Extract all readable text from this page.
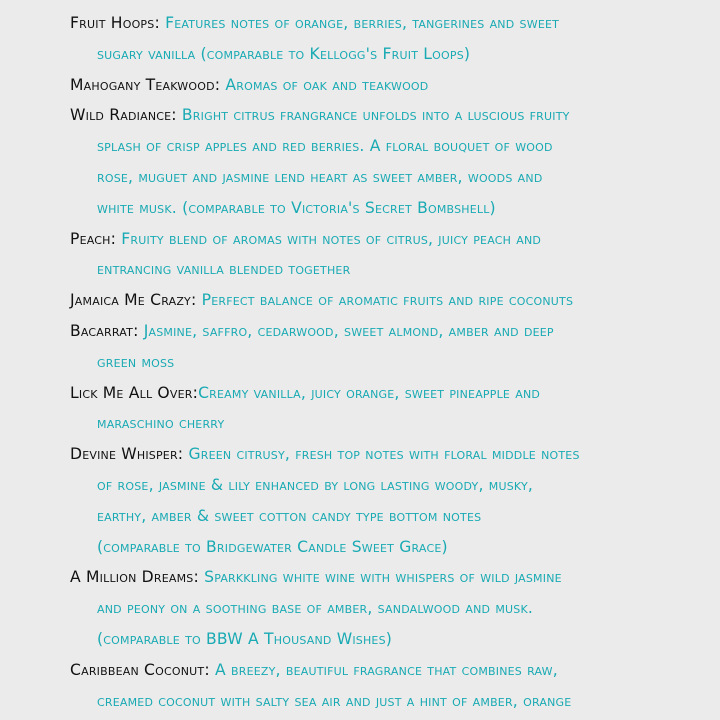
Fruit Hoops: Features notes of orange, berries, tangerines and sweet
sugary vanilla (comparable to Kellogg's Fruit Loops)
Mahogany Teakwood: Aromas of oak and teakwood
Wild Radiance: Bright citrus frangrance unfolds into a luscious fruity
splash of crisp apples and red berries. A floral bouquet of wood
rose, muguet and jasmine lend heart as sweet amber, woods and
white musk. (comparable to Victoria's Secret Bombshell)
Peach: Fruity blend of aromas with notes of citrus, juicy peach and
entrancing vanilla blended together
Jamaica Me Crazy: Perfect balance of aromatic fruits and ripe coconuts
Bacarrat: Jasmine, saffro, cedarwood, sweet almond, amber and deep
green moss
Lick Me All Over:Creamy vanilla, juicy orange, sweet pineapple and
maraschino cherry
Devine Whisper: Green citrusy, fresh top notes with floral middle notes
of rose, jasmine & lily enhanced by long lasting woody, musky,
earthy, amber & sweet cotton candy type bottom notes
(comparable to Bridgewater Candle Sweet Grace)
A Million Dreams: Sparkkling white wine with whispers of wild jasmine
and peony on a soothing base of amber, sandalwood and musk.
(comparable to BBW A Thousand Wishes)
Caribbean Coconut: A breezy, beautiful fragrance that combines raw,
creamed coconut with salty sea air and just a hint of amber, orange
